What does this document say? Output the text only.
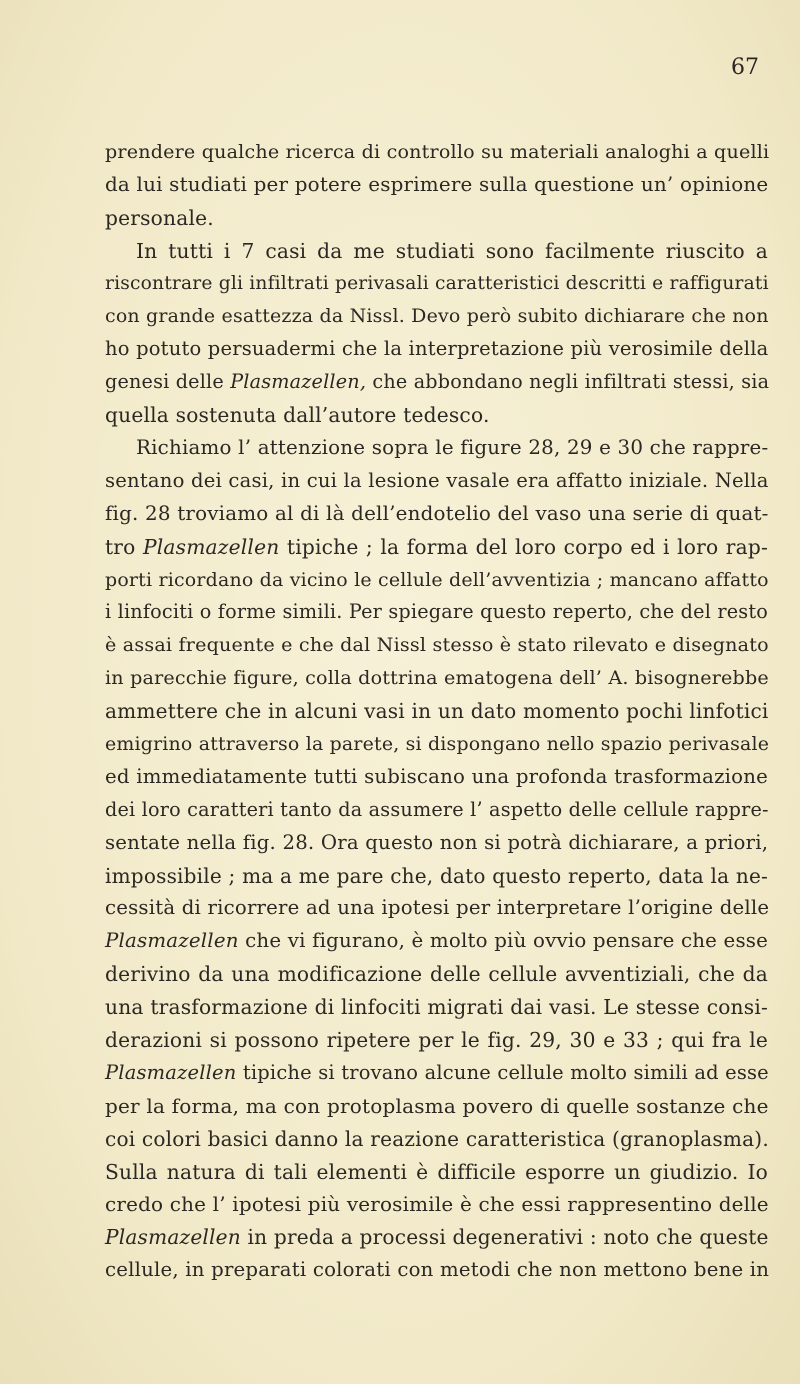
67
prendere qualche ricerca di controllo su materiali analoghi a quelli
da lui studiati per potere esprimere sulla questione un’ opinione
personale.
In tutti i 7 casi da me studiati sono facilmente riuscito a
riscontrare gli infiltrati perivasali caratteristici descritti e raffigurati
con grande esattezza da Nissl. Devo però subito dichiarare che non
ho potuto persuadermi che la interpretazione più verosimile della
genesi delle Plasmazellen, che abbondano negli infiltrati stessi, sia
quella sostenuta dall’autore tedesco.
Richiamo l’ attenzione sopra le figure 28, 29 e 30 che rappre-
sentano dei casi, in cui la lesione vasale era affatto iniziale. Nella
fig. 28 troviamo al di là dell’endotelio del vaso una serie di quat-
tro Plasmazellen tipiche ; la forma del loro corpo ed i loro rap-
porti ricordano da vicino le cellule dell’avventizia ; mancano affatto
i linfociti o forme simili. Per spiegare questo reperto, che del resto
è assai frequente e che dal Nissl stesso è stato rilevato e disegnato
in parecchie figure, colla dottrina ematogena dell’ A. bisognerebbe
ammettere che in alcuni vasi in un dato momento pochi linfotici
emigrino attraverso la parete, si dispongano nello spazio perivasale
ed immediatamente tutti subiscano una profonda trasformazione
dei loro caratteri tanto da assumere l’ aspetto delle cellule rappre-
sentate nella fig. 28. Ora questo non si potrà dichiarare, a priori,
impossibile ; ma a me pare che, dato questo reperto, data la ne-
cessità di ricorrere ad una ipotesi per interpretare l’origine delle
Plasmazellen che vi figurano, è molto più ovvio pensare che esse
derivino da una modificazione delle cellule avventiziali, che da
una trasformazione di linfociti migrati dai vasi. Le stesse consi-
derazioni si possono ripetere per le fig. 29, 30 e 33 ; qui fra le
Plasmazellen tipiche si trovano alcune cellule molto simili ad esse
per la forma, ma con protoplasma povero di quelle sostanze che
coi colori basici danno la reazione caratteristica (granoplasma).
Sulla natura di tali elementi è difficile esporre un giudizio. Io
credo che l’ ipotesi più verosimile è che essi rappresentino delle
Plasmazellen in preda a processi degenerativi : noto che queste
cellule, in preparati colorati con metodi che non mettono bene in
